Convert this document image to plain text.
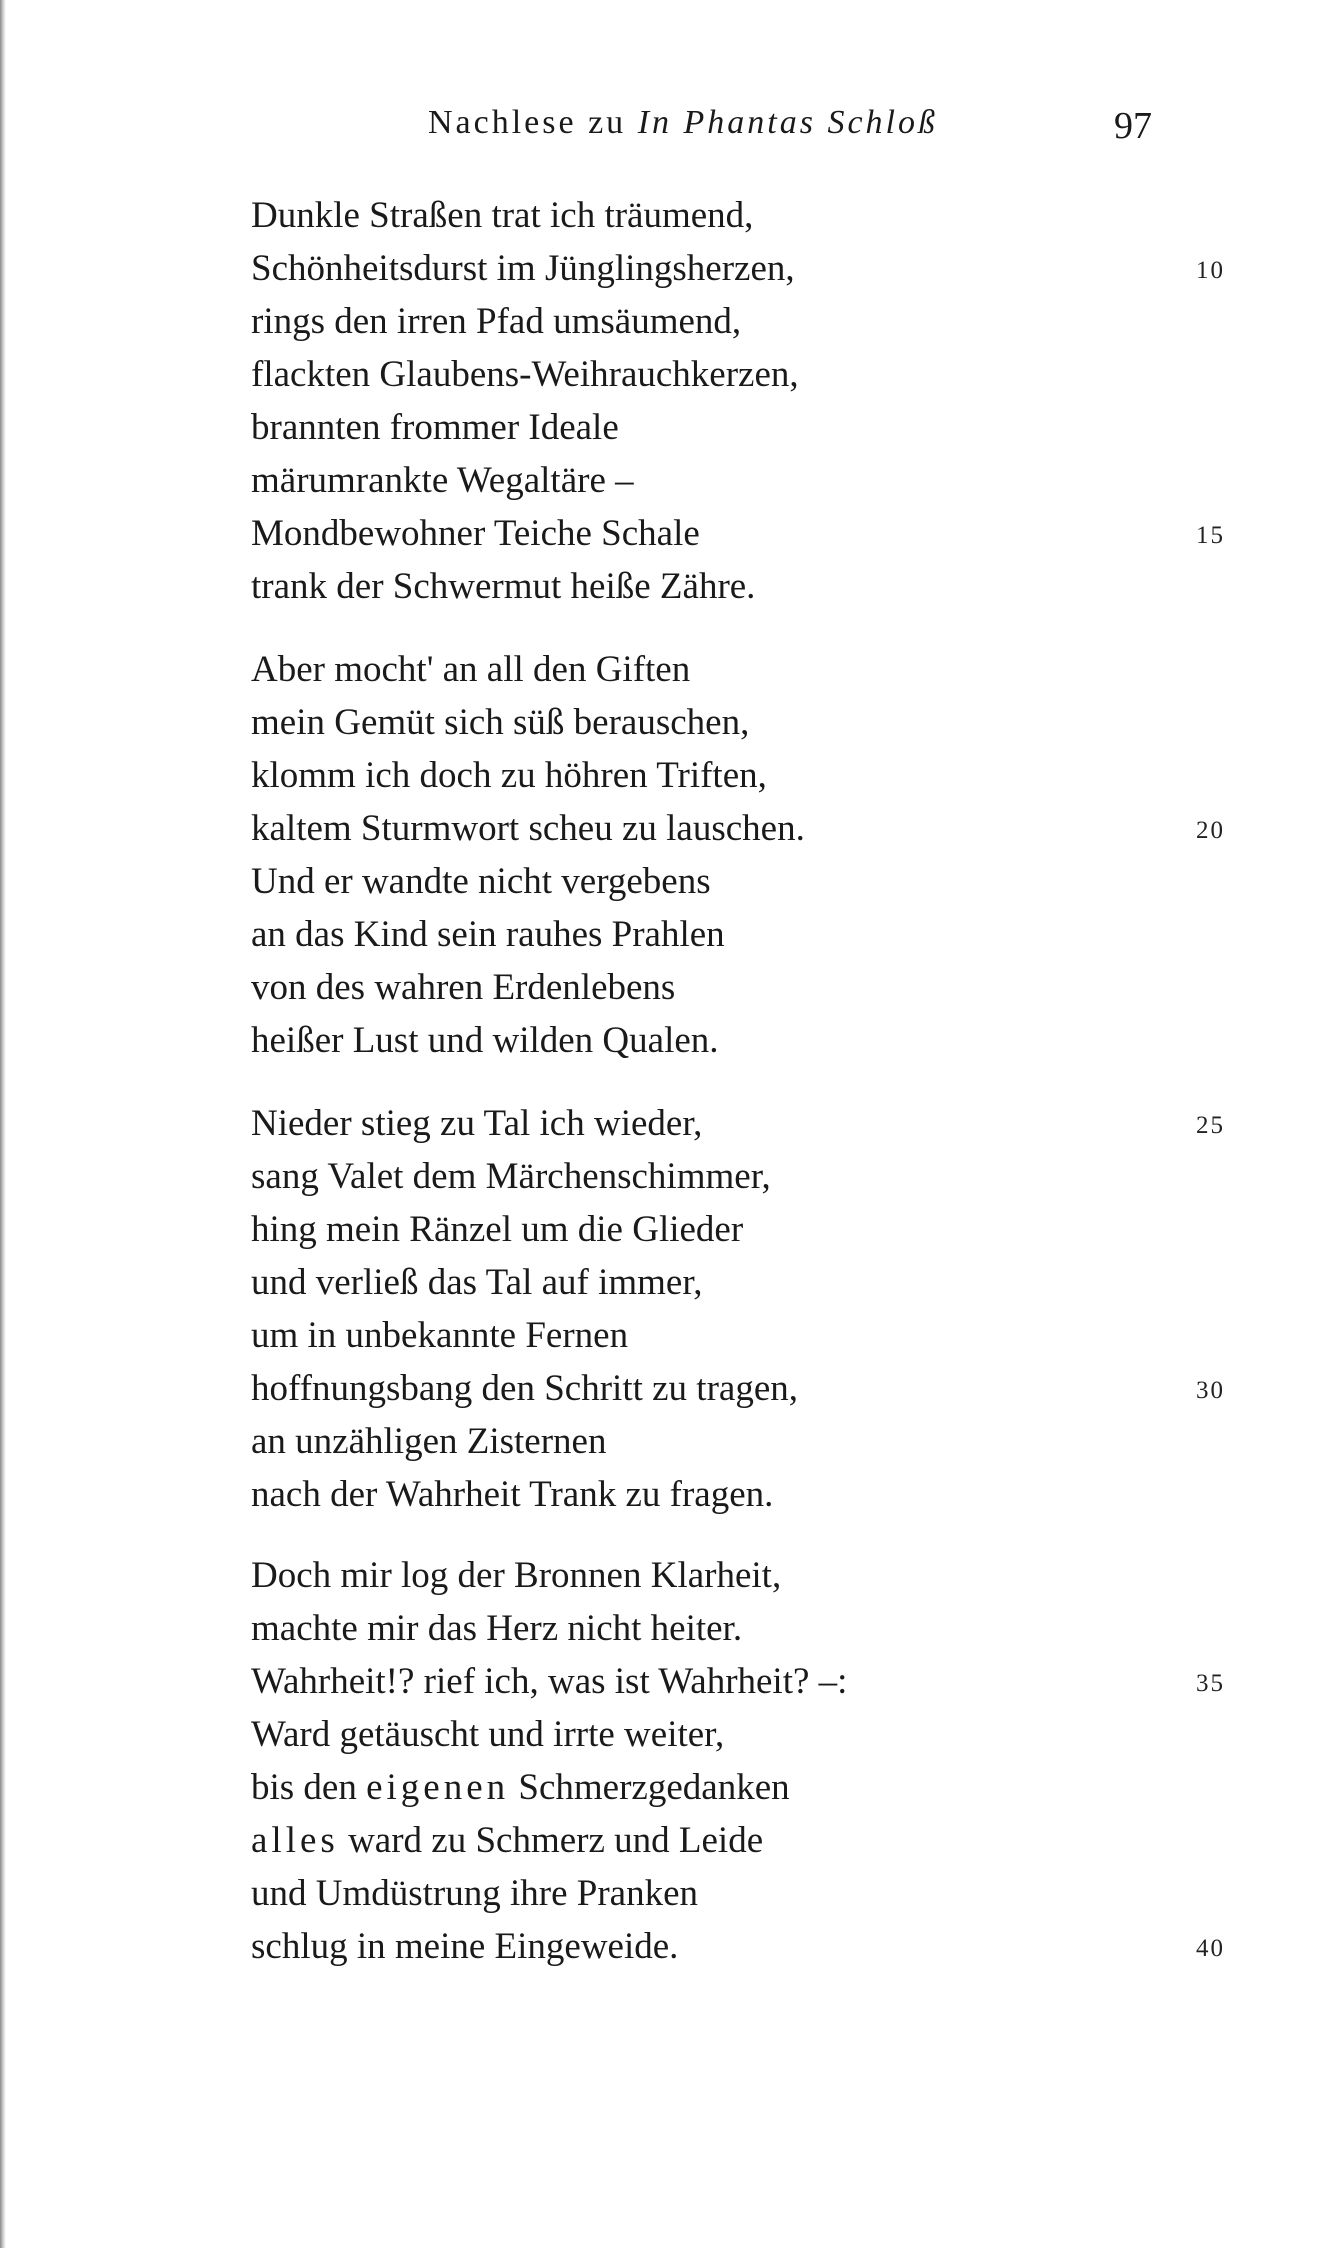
Nachlese zu In Phantas Schloß	97
Dunkle Straßen trat ich träumend,
Schönheitsdurst im Jünglingsherzen,	10
rings den irren Pfad umsäumend,
flackten Glaubens-Weihrauchkerzen,
brannten frommer Ideale
märumrankte Wegaltäre –
Mondbewohner Teiche Schale	15
trank der Schwermut heiße Zähre.
Aber mocht' an all den Giften
mein Gemüt sich süß berauschen,
klomm ich doch zu höhren Triften,
kaltem Sturmwort scheu zu lauschen.	20
Und er wandte nicht vergebens
an das Kind sein rauhes Prahlen
von des wahren Erdenlebens
heißer Lust und wilden Qualen.
Nieder stieg zu Tal ich wieder,	25
sang Valet dem Märchenschimmer,
hing mein Ränzel um die Glieder
und verließ das Tal auf immer,
um in unbekannte Fernen
hoffnungsbang den Schritt zu tragen,	30
an unzähligen Zisternen
nach der Wahrheit Trank zu fragen.
Doch mir log der Bronnen Klarheit,
machte mir das Herz nicht heiter.
Wahrheit!? rief ich, was ist Wahrheit? –:	35
Ward getäuscht und irrte weiter,
bis den eigenen Schmerzgedanken
alles ward zu Schmerz und Leide
und Umdüstrung ihre Pranken
schlug in meine Eingeweide.	40
